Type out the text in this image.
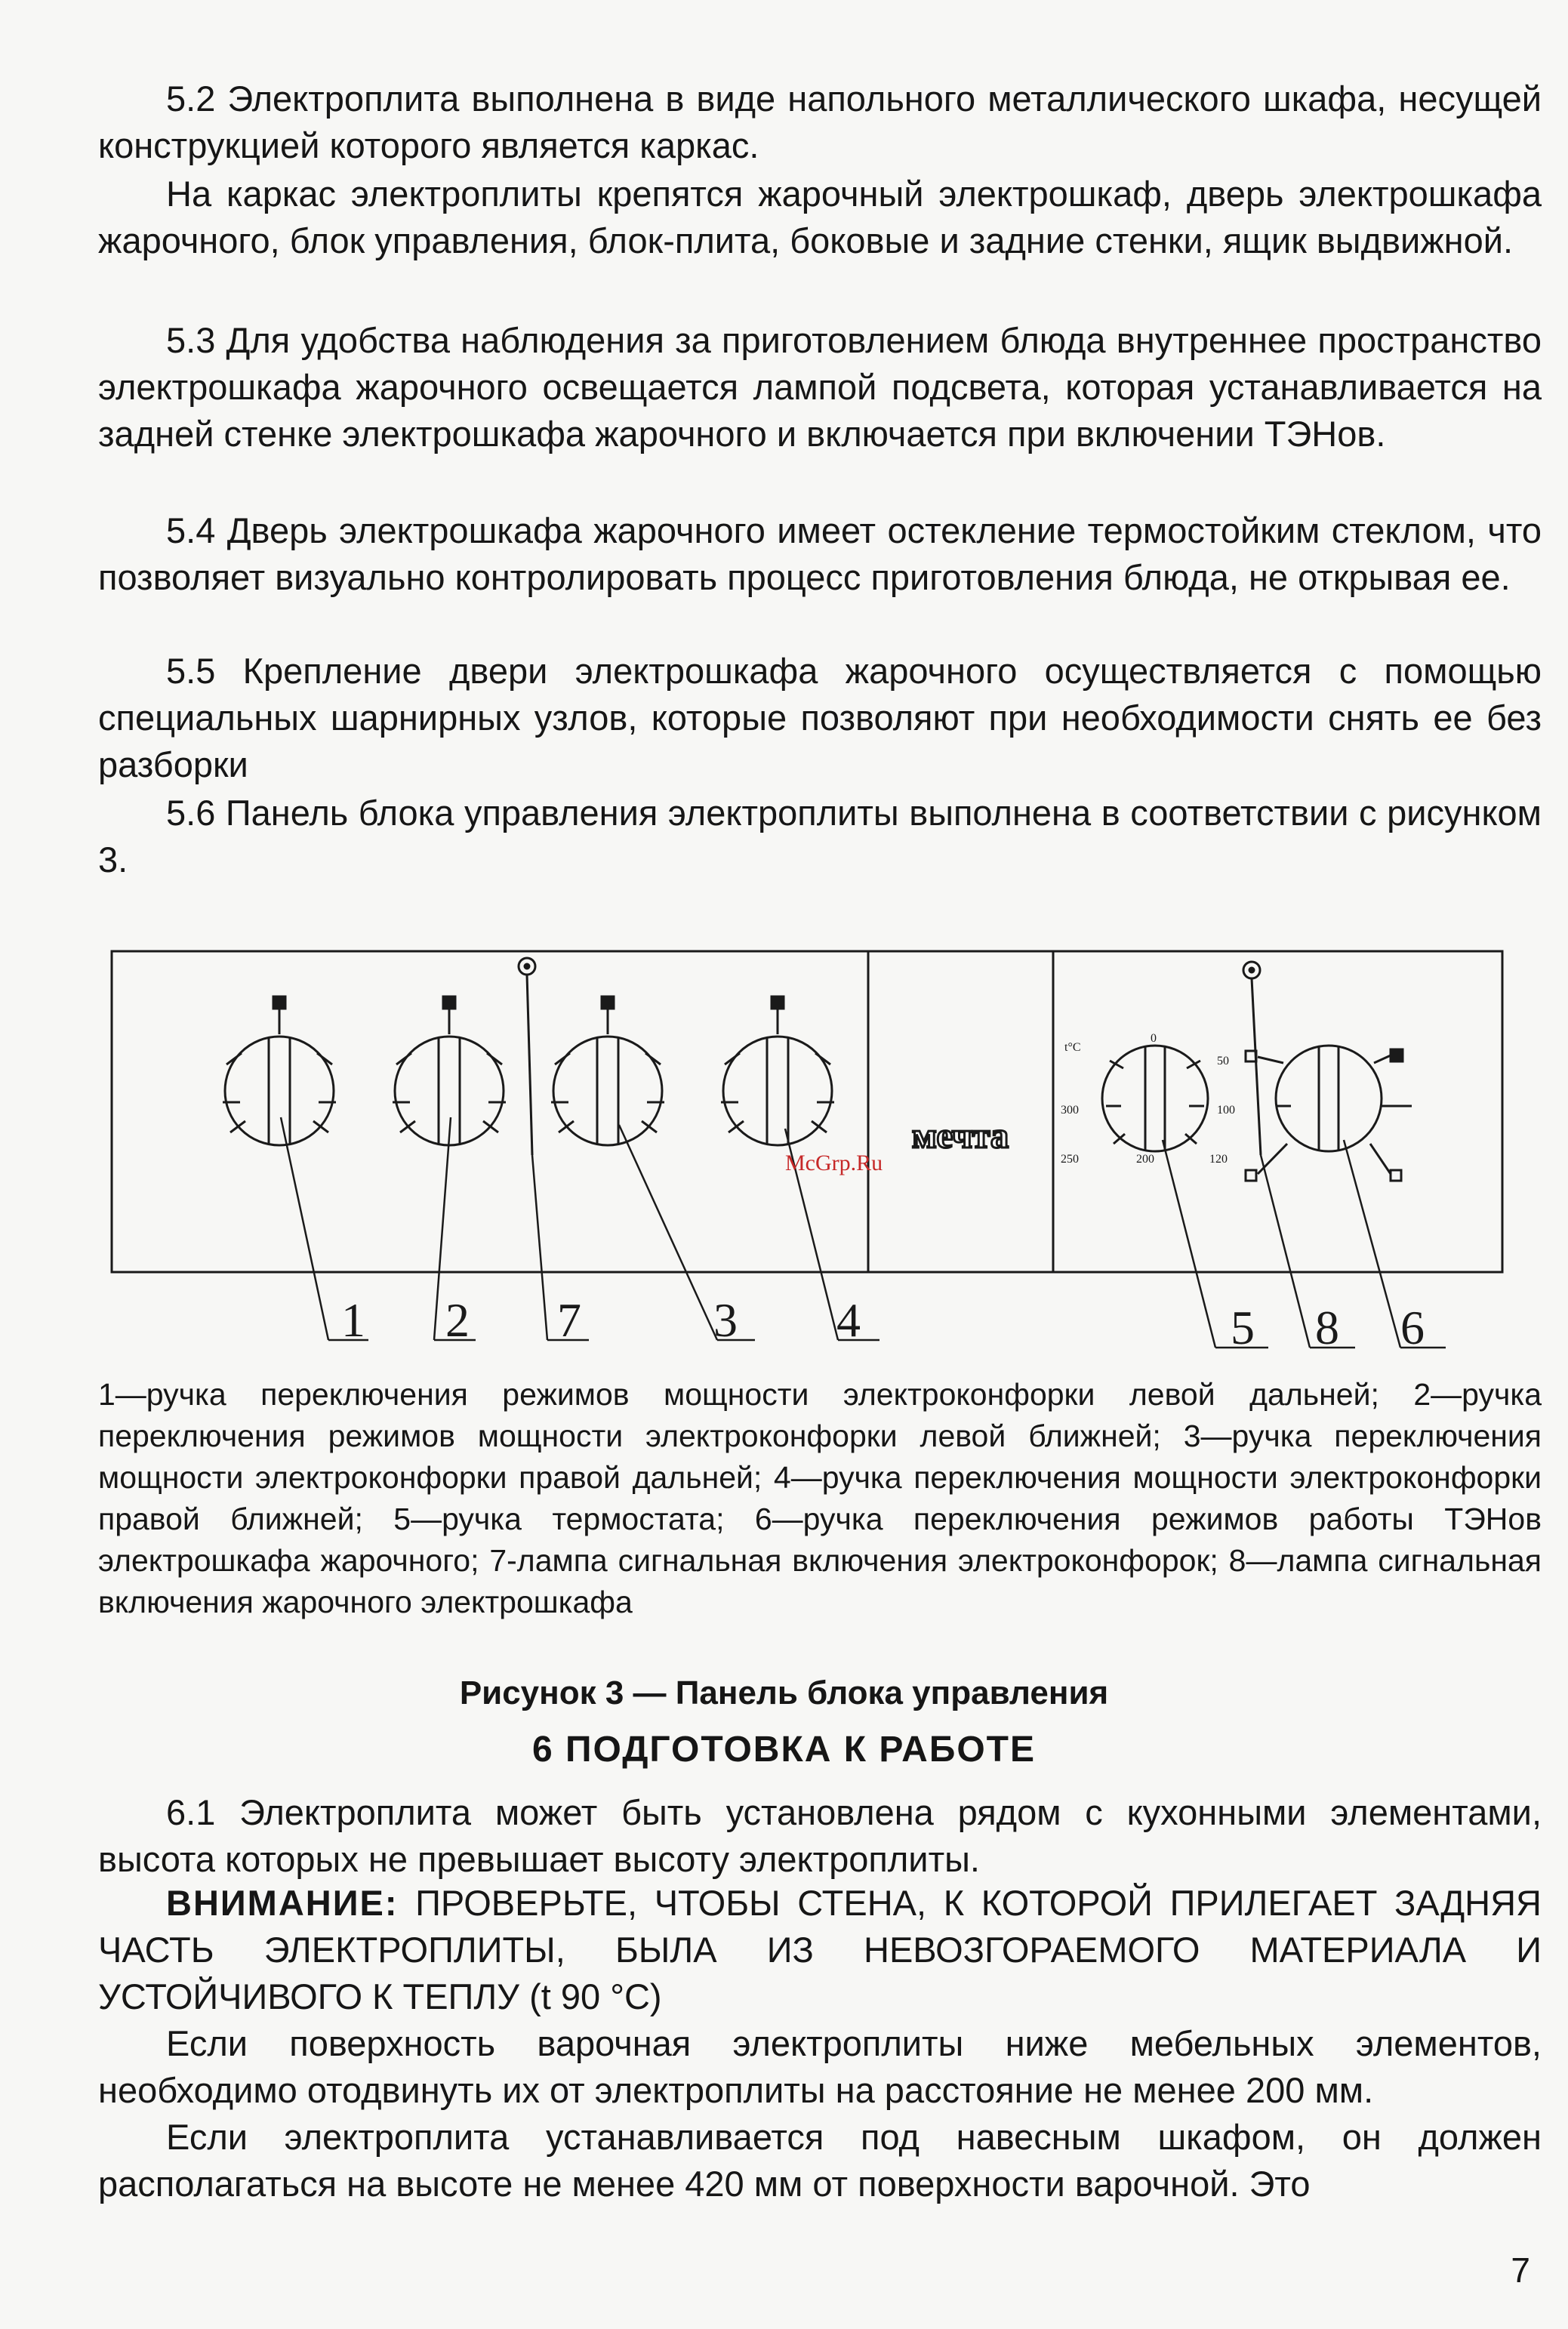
5.2 Электроплита выполнена в виде напольного металлического шкафа, несущей конструкцией которого является каркас.

На каркас электроплиты крепятся жарочный электрошкаф, дверь электрошкафа жарочного, блок управления, блок-плита, боковые и задние стенки, ящик выдвижной.

5.3 Для удобства наблюдения за приготовлением блюда внутреннее пространство электрошкафа жарочного освещается лампой подсвета, которая устанавливается на задней стенке электрошкафа жарочного и включается при включении ТЭНов.

5.4 Дверь электрошкафа жарочного имеет остекление термостойким стеклом, что позволяет визуально контролировать процесс приготовления блюда, не открывая ее.

5.5 Крепление двери электрошкафа жарочного осуществляется с помощью специальных шарнирных узлов, которые позволяют при необходимости снять ее без разборки

5.6 Панель блока управления электроплиты выполнена в соответствии с рисунком 3.

мечта
0
t°C
50
100
120
300
250	200
1 2 7	3 4	5 8 6
McGrp.Ru

1—ручка переключения режимов мощности электроконфорки левой дальней; 2—ручка переключения режимов мощности электроконфорки левой ближней; 3—ручка переключения мощности электроконфорки правой дальней; 4—ручка переключения мощности электроконфорки правой ближней; 5—ручка термостата; 6—ручка переключения режимов работы ТЭНов электрошкафа жарочного; 7-лампа сигнальная включения электроконфорок; 8—лампа сигнальная включения жарочного электрошкафа

Рисунок 3 — Панель блока управления
6 ПОДГОТОВКА К РАБОТЕ

6.1 Электроплита может быть установлена рядом с кухонными элементами, высота которых не превышает высоту электроплиты.

ВНИМАНИЕ: ПРОВЕРЬТЕ, ЧТОБЫ СТЕНА, К КОТОРОЙ ПРИЛЕГАЕТ ЗАДНЯЯ ЧАСТЬ ЭЛЕКТРОПЛИТЫ, БЫЛА ИЗ НЕВОЗГОРАЕМОГО МАТЕРИАЛА И УСТОЙЧИВОГО К ТЕПЛУ (t 90 °С)

Если поверхность варочная электроплиты ниже мебельных элементов, необходимо отодвинуть их от электроплиты на расстояние не менее 200 мм.

Если электроплита устанавливается под навесным шкафом, он должен располагаться на высоте не менее 420 мм от поверхности варочной. Это

7
